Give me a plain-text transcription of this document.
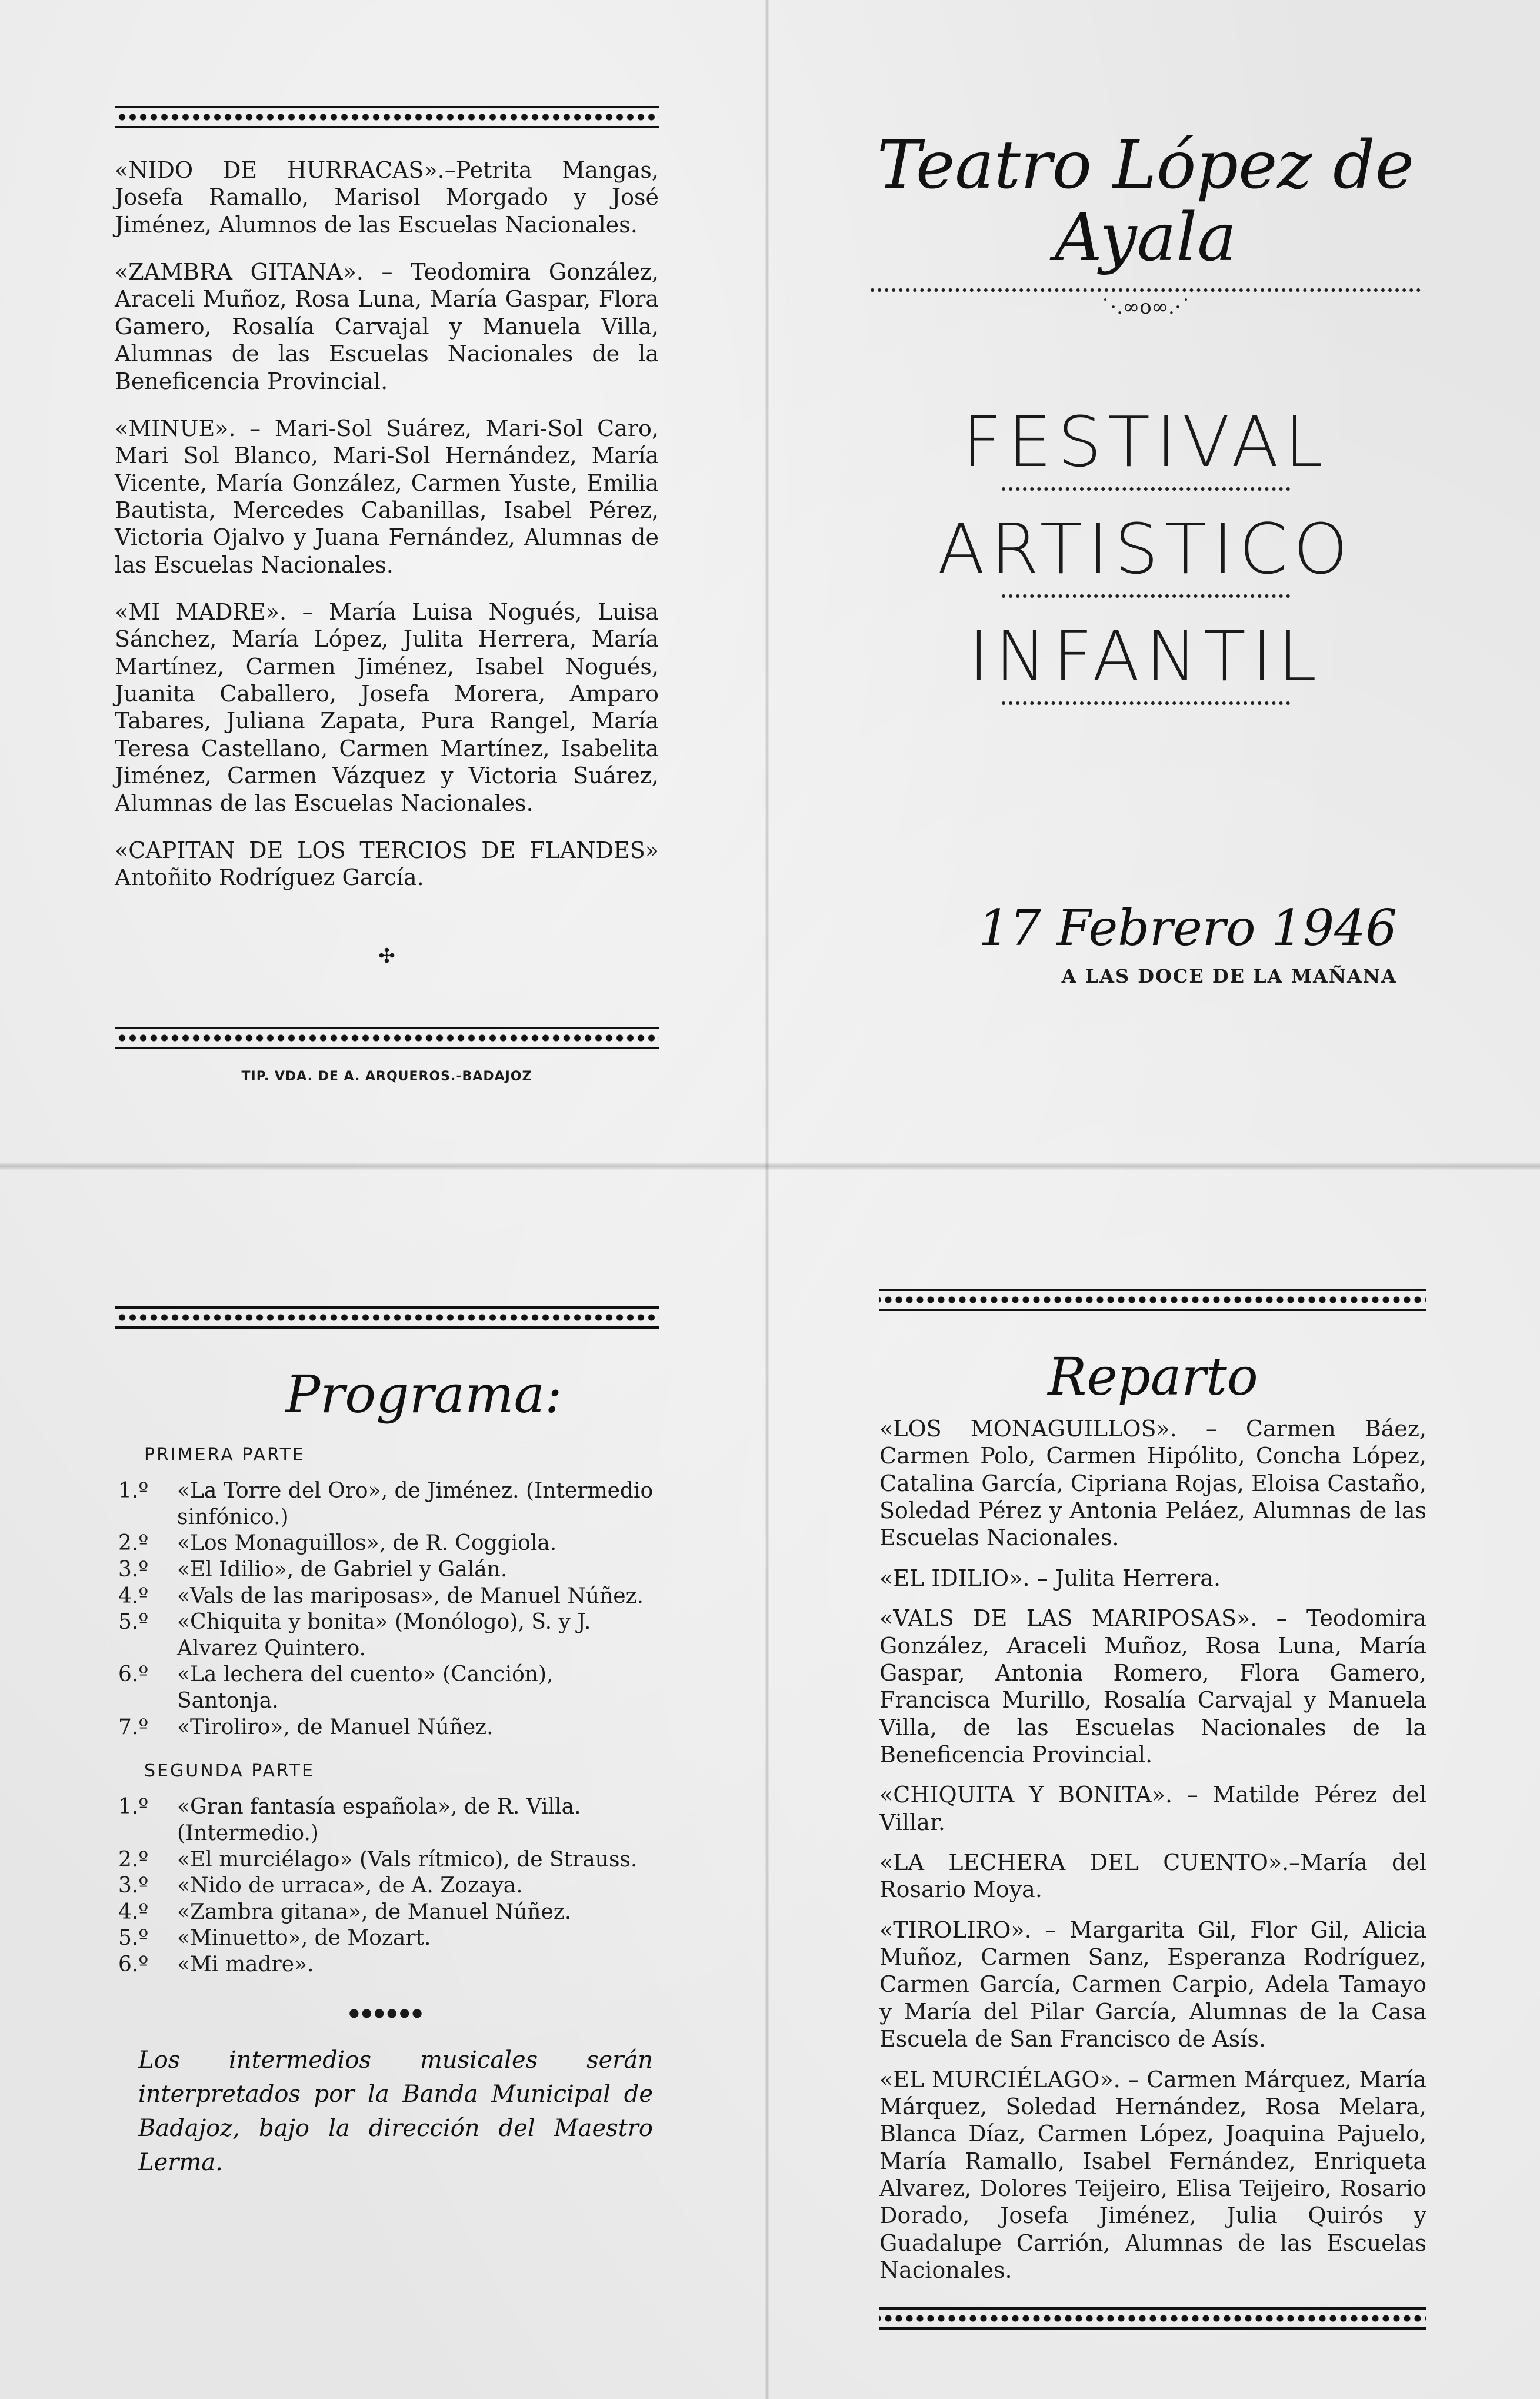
«NIDO DE HURRACAS».–Petrita Mangas, Josefa Ramallo, Marisol Morgado y José Jiménez, Alumnos de las Escuelas Nacionales.

«ZAMBRA GITANA». – Teodomira González, Araceli Muñoz, Rosa Luna, María Gaspar, Flora Gamero, Rosalía Carvajal y Manuela Villa, Alumnas de las Escuelas Nacionales de la Beneficencia Provincial.

«MINUE». – Mari-Sol Suárez, Mari-Sol Caro, Mari Sol Blanco, Mari-Sol Hernández, María Vicente, María González, Carmen Yuste, Emilia Bautista, Mercedes Cabanillas, Isabel Pérez, Victoria Ojalvo y Juana Fernández, Alumnas de las Escuelas Nacionales.

«MI MADRE». – María Luisa Nogués, Luisa Sánchez, María López, Julita Herrera, María Martínez, Carmen Jiménez, Isabel Nogués, Juanita Caballero, Josefa Morera, Amparo Tabares, Juliana Zapata, Pura Rangel, María Teresa Castellano, Carmen Martínez, Isabelita Jiménez, Carmen Vázquez y Victoria Suárez, Alumnas de las Escuelas Nacionales.

«CAPITAN DE LOS TERCIOS DE FLANDES» Antoñito Rodríguez García.

✣
TIP. VDA. DE A. ARQUEROS.-BADAJOZ
Teatro López de Ayala
˙·.∞o∞.·˙
FESTIVAL
ARTISTICO
INFANTIL
17 Febrero 1946
A LAS DOCE DE LA MAÑANA
Programa:
PRIMERA PARTE
1.º	«La Torre del Oro», de Jiménez. (Intermedio sinfónico.)
2.º	«Los Monaguillos», de R. Coggiola.
3.º	«El Idilio», de Gabriel y Galán.
4.º	«Vals de las mariposas», de Manuel Núñez.
5.º	«Chiquita y bonita» (Monólogo), S. y J. Alvarez Quintero.
6.º	«La lechera del cuento» (Canción), Santonja.
7.º	«Tiroliro», de Manuel Núñez.
SEGUNDA PARTE
1.º	«Gran fantasía española», de R. Villa. (Intermedio.)
2.º	«El murciélago» (Vals rítmico), de Strauss.
3.º	«Nido de urraca», de A. Zozaya.
4.º	«Zambra gitana», de Manuel Núñez.
5.º	«Minuetto», de Mozart.
6.º	«Mi madre».
●●●●●●

Los intermedios musicales serán interpretados por la Banda Municipal de Badajoz, bajo la dirección del Maestro Lerma.

Reparto

«LOS MONAGUILLOS». – Carmen Báez, Carmen Polo, Carmen Hipólito, Concha López, Catalina García, Cipriana Rojas, Eloisa Castaño, Soledad Pérez y Antonia Peláez, Alumnas de las Escuelas Nacionales.

«EL IDILIO». – Julita Herrera.

«VALS DE LAS MARIPOSAS». – Teodomira González, Araceli Muñoz, Rosa Luna, María Gaspar, Antonia Romero, Flora Gamero, Francisca Murillo, Rosalía Carvajal y Manuela Villa, de las Escuelas Nacionales de la Beneficencia Provincial.

«CHIQUITA Y BONITA». – Matilde Pérez del Villar.

«LA LECHERA DEL CUENTO».–María del Rosario Moya.

«TIROLIRO». – Margarita Gil, Flor Gil, Alicia Muñoz, Carmen Sanz, Esperanza Rodríguez, Carmen García, Carmen Carpio, Adela Tamayo y María del Pilar García, Alumnas de la Casa Escuela de San Francisco de Asís.

«EL MURCIÉLAGO». – Carmen Márquez, María Márquez, Soledad Hernández, Rosa Melara, Blanca Díaz, Carmen López, Joaquina Pajuelo, María Ramallo, Isabel Fernández, Enriqueta Alvarez, Dolores Teijeiro, Elisa Teijeiro, Rosario Dorado, Josefa Jiménez, Julia Quirós y Guadalupe Carrión, Alumnas de las Escuelas Nacionales.
